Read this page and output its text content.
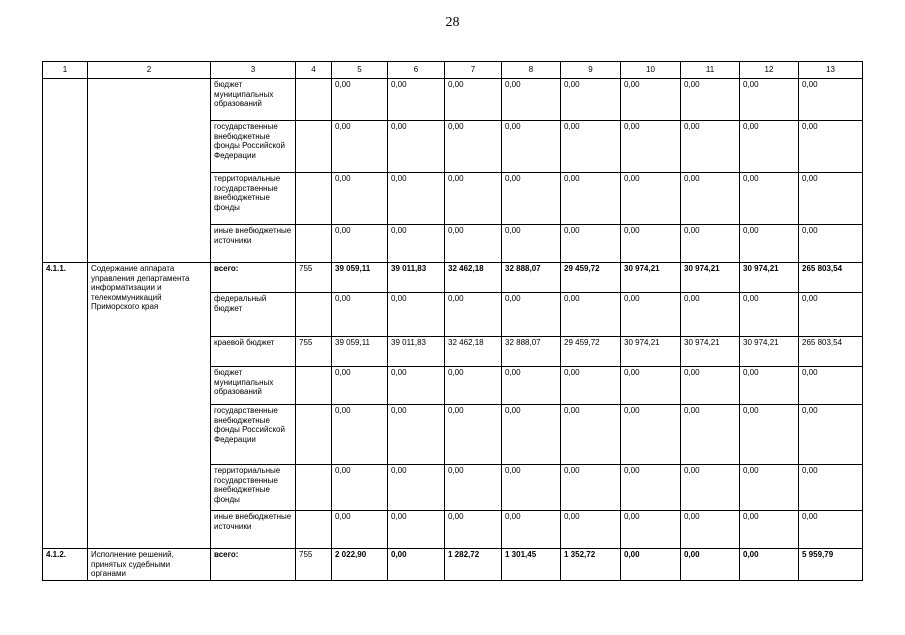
28
1	2	3	4	5	6	7	8	9	10	11	12	13
		бюджет муниципальных образований		0,00	0,00	0,00	0,00	0,00	0,00	0,00	0,00	0,00
		государственные внебюджетные фонды Российской Федерации		0,00	0,00	0,00	0,00	0,00	0,00	0,00	0,00	0,00
		территориальные государственные внебюджетные фонды		0,00	0,00	0,00	0,00	0,00	0,00	0,00	0,00	0,00
		иные внебюджетные источники		0,00	0,00	0,00	0,00	0,00	0,00	0,00	0,00	0,00
4.1.1.	Содержание аппарата управления департамента информатизации и телекоммуникаций Приморского края	всего:	755	39 059,11	39 011,83	32 462,18	32 888,07	29 459,72	30 974,21	30 974,21	30 974,21	265 803,54
		федеральный бюджет		0,00	0,00	0,00	0,00	0,00	0,00	0,00	0,00	0,00
		краевой бюджет	755	39 059,11	39 011,83	32 462,18	32 888,07	29 459,72	30 974,21	30 974,21	30 974,21	265 803,54
		бюджет муниципальных образований		0,00	0,00	0,00	0,00	0,00	0,00	0,00	0,00	0,00
		государственные внебюджетные фонды Российской Федерации		0,00	0,00	0,00	0,00	0,00	0,00	0,00	0,00	0,00
		территориальные государственные внебюджетные фонды		0,00	0,00	0,00	0,00	0,00	0,00	0,00	0,00	0,00
		иные внебюджетные источники		0,00	0,00	0,00	0,00	0,00	0,00	0,00	0,00	0,00
4.1.2.	Исполнение решений, принятых судебными органами	всего:	755	2 022,90	0,00	1 282,72	1 301,45	1 352,72	0,00	0,00	0,00	5 959,79
